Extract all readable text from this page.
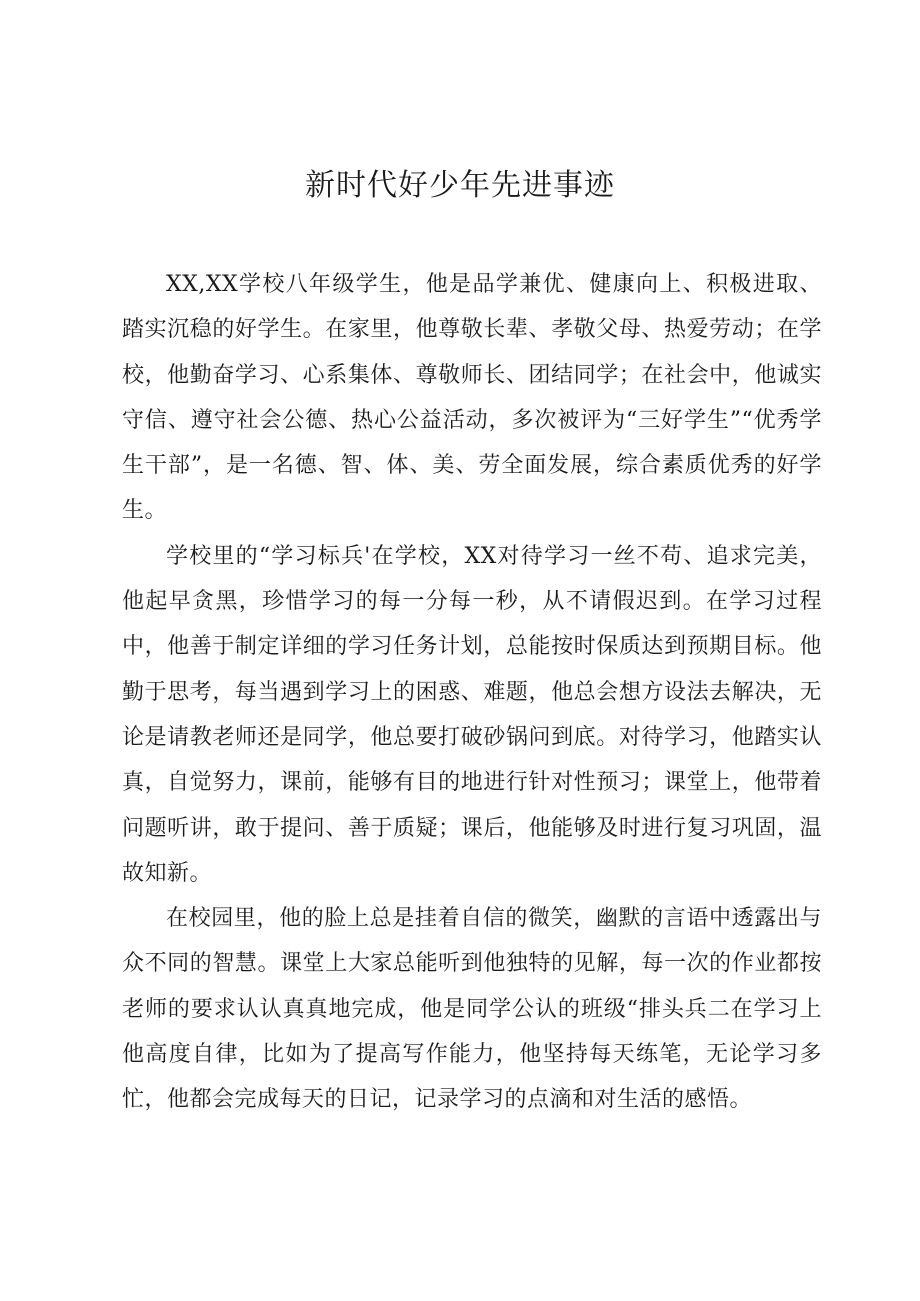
新时代好少年先进事迹

XX,XX学校八年级学生，他是品学兼优、健康向上、积极进取、踏实沉稳的好学生。在家里，他尊敬长辈、孝敬父母、热爱劳动；在学校，他勤奋学习、心系集体、尊敬师长、团结同学；在社会中，他诚实守信、遵守社会公德、热心公益活动，多次被评为“三好学生”“优秀学生干部”，是一名德、智、体、美、劳全面发展，综合素质优秀的好学生。

学校里的“学习标兵'在学校，XX对待学习一丝不苟、追求完美，他起早贪黑，珍惜学习的每一分每一秒，从不请假迟到。在学习过程中，他善于制定详细的学习任务计划，总能按时保质达到预期目标。他勤于思考，每当遇到学习上的困惑、难题，他总会想方设法去解决，无论是请教老师还是同学，他总要打破砂锅问到底。对待学习，他踏实认真，自觉努力，课前，能够有目的地进行针对性预习；课堂上，他带着问题听讲，敢于提问、善于质疑；课后，他能够及时进行复习巩固，温故知新。

在校园里，他的脸上总是挂着自信的微笑，幽默的言语中透露出与众不同的智慧。课堂上大家总能听到他独特的见解，每一次的作业都按老师的要求认认真真地完成，他是同学公认的班级“排头兵二在学习上他高度自律，比如为了提高写作能力，他坚持每天练笔，无论学习多忙，他都会完成每天的日记，记录学习的点滴和对生活的感悟。
